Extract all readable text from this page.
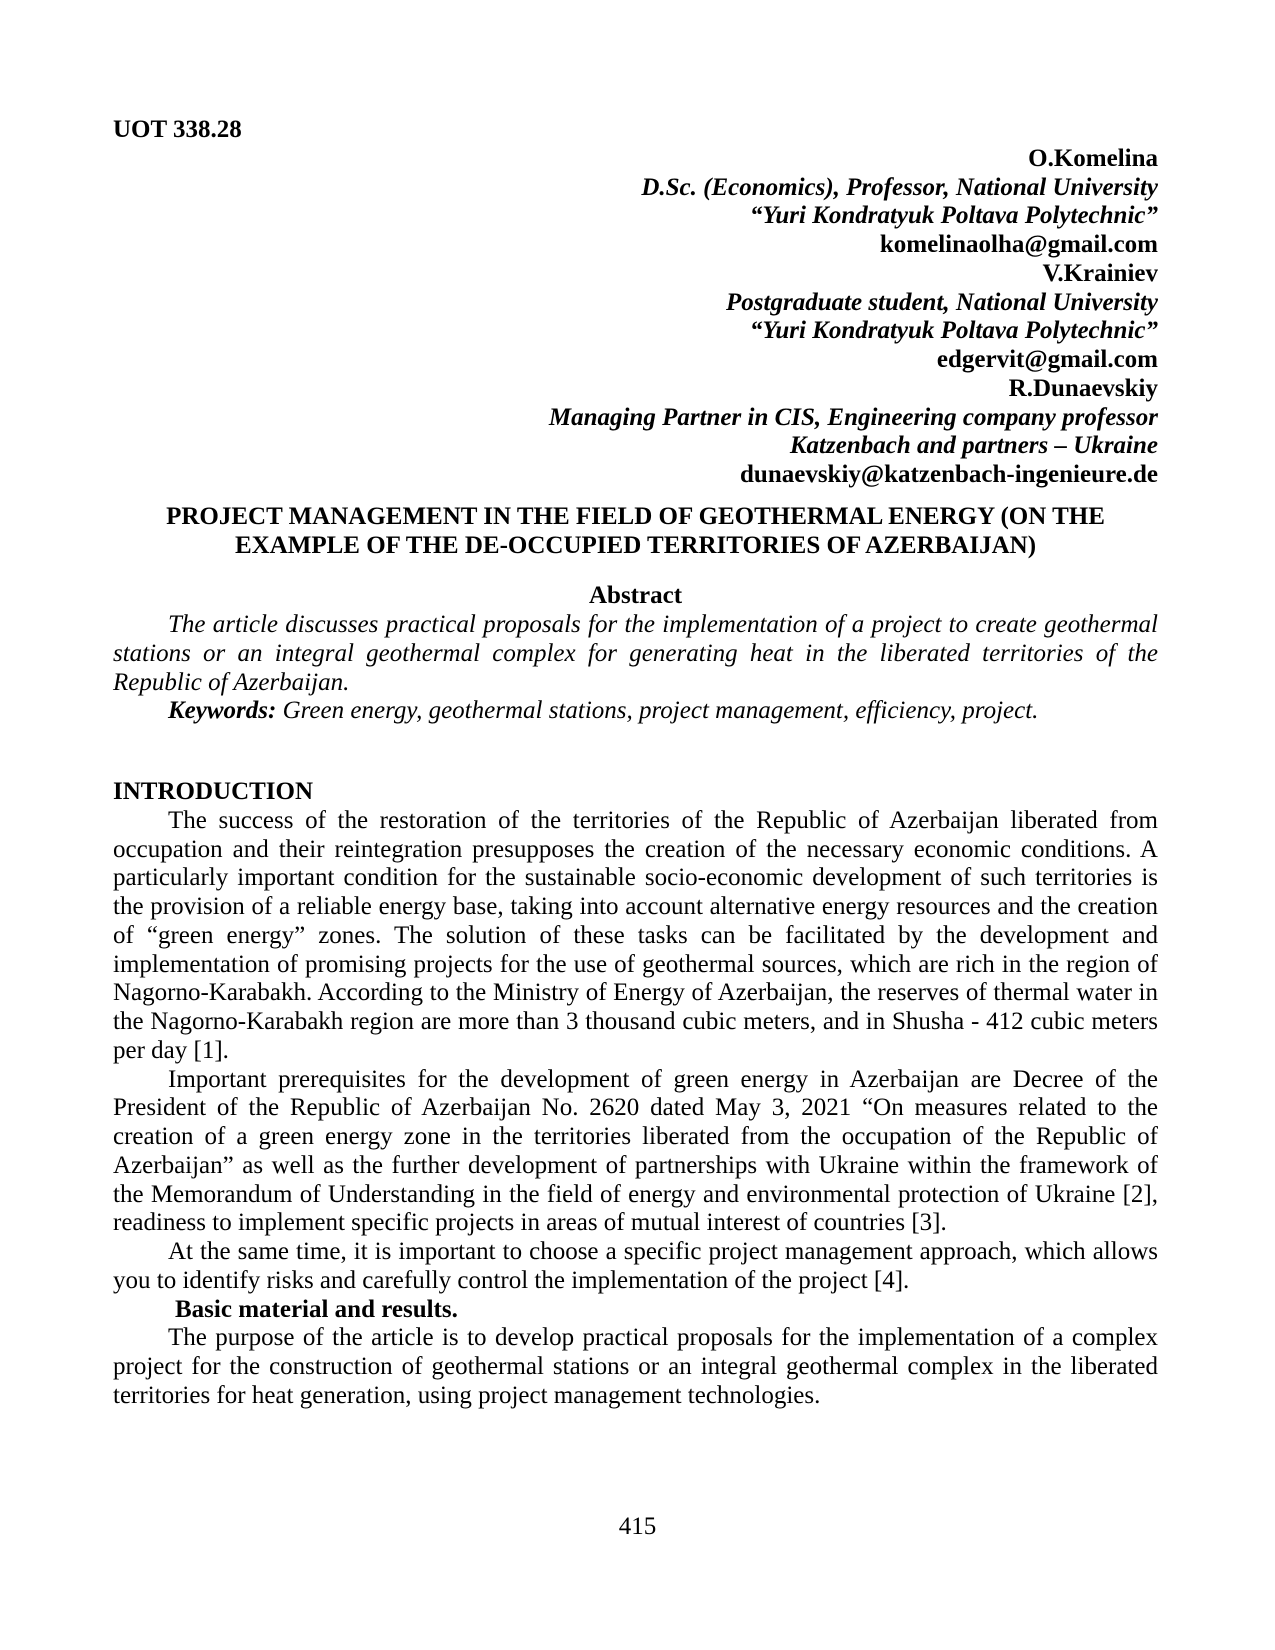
UOT 338.28
O.Komelina
D.Sc. (Economics), Professor, National University
“Yuri Kondratyuk Poltava Polytechnic”
komelinaolha@gmail.com
V.Krainiev
Postgraduate student, National University
“Yuri Kondratyuk Poltava Polytechnic”
edgervit@gmail.com
R.Dunaevskiy
Managing Partner in CIS, Engineering company professor
Katzenbach and partners – Ukraine
dunaevskiy@katzenbach-ingenieure.de
PROJECT MANAGEMENT IN THE FIELD OF GEOTHERMAL ENERGY (ON THE
EXAMPLE OF THE DE-OCCUPIED TERRITORIES OF AZERBAIJAN)
Abstract
The article discusses practical proposals for the implementation of a project to create geothermal stations or an integral geothermal complex for generating heat in the liberated territories of the Republic of Azerbaijan.
Keywords: Green energy, geothermal stations, project management, efficiency, project.
INTRODUCTION
The success of the restoration of the territories of the Republic of Azerbaijan liberated from occupation and their reintegration presupposes the creation of the necessary economic conditions. A particularly important condition for the sustainable socio-economic development of such territories is the provision of a reliable energy base, taking into account alternative energy resources and the creation of “green energy” zones. The solution of these tasks can be facilitated by the development and implementation of promising projects for the use of geothermal sources, which are rich in the region of Nagorno-Karabakh. According to the Ministry of Energy of Azerbaijan, the reserves of thermal water in the Nagorno-Karabakh region are more than 3 thousand cubic meters, and in Shusha - 412 cubic meters per day [1].
Important prerequisites for the development of green energy in Azerbaijan are Decree of the President of the Republic of Azerbaijan No. 2620 dated May 3, 2021 “On measures related to the creation of a green energy zone in the territories liberated from the occupation of the Republic of Azerbaijan” as well as the further development of partnerships with Ukraine within the framework of the Memorandum of Understanding in the field of energy and environmental protection of Ukraine [2], readiness to implement specific projects in areas of mutual interest of countries [3].
At the same time, it is important to choose a specific project management approach, which allows you to identify risks and carefully control the implementation of the project [4].
Basic material and results.
The purpose of the article is to develop practical proposals for the implementation of a complex project for the construction of geothermal stations or an integral geothermal complex in the liberated territories for heat generation, using project management technologies.
415
